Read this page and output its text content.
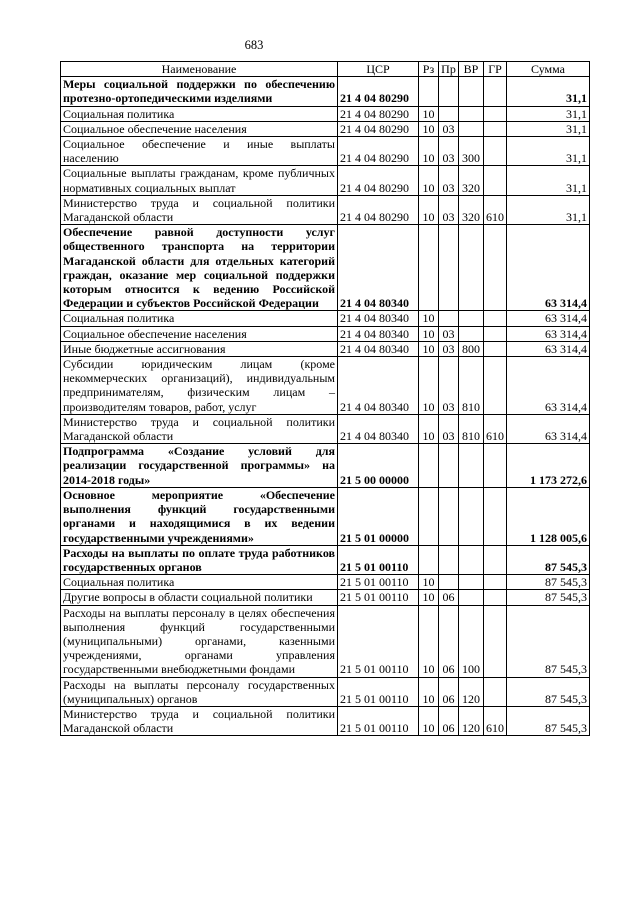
683
Наименование	ЦСР	Рз	Пр	ВР	ГР	Сумма
Меры социальной поддержки по обеспечению протезно-ортопедическими изделиями	21 4 04 80290					31,1
Социальная политика	21 4 04 80290	10				31,1
Социальное обеспечение населения	21 4 04 80290	10	03			31,1
Социальное обеспечение и иные выплаты населению	21 4 04 80290	10	03	300		31,1
Социальные выплаты гражданам, кроме публичных нормативных социальных выплат	21 4 04 80290	10	03	320		31,1
Министерство труда и социальной политики Магаданской области	21 4 04 80290	10	03	320	610	31,1
Обеспечение равной доступности услуг общественного транспорта на территории Магаданской области для отдельных категорий граждан, оказание мер социальной поддержки которым относится к ведению Российской Федерации и субъектов Российской Федерации	21 4 04 80340					63 314,4
Социальная политика	21 4 04 80340	10				63 314,4
Социальное обеспечение населения	21 4 04 80340	10	03			63 314,4
Иные бюджетные ассигнования	21 4 04 80340	10	03	800		63 314,4
Субсидии юридическим лицам (кроме некоммерческих организаций), индивидуальным предпринимателям, физическим лицам – производителям товаров, работ, услуг	21 4 04 80340	10	03	810		63 314,4
Министерство труда и социальной политики Магаданской области	21 4 04 80340	10	03	810	610	63 314,4
Подпрограмма «Создание условий для реализации государственной программы» на 2014-2018 годы»	21 5 00 00000					1 173 272,6
Основное мероприятие «Обеспечение выполнения функций государственными органами и находящимися в их ведении государственными учреждениями»	21 5 01 00000					1 128 005,6
Расходы на выплаты по оплате труда работников государственных органов	21 5 01 00110					87 545,3
Социальная политика	21 5 01 00110	10				87 545,3
Другие вопросы в области социальной политики	21 5 01 00110	10	06			87 545,3
Расходы на выплаты персоналу в целях обеспечения выполнения функций государственными (муниципальными) органами, казенными учреждениями, органами управления государственными внебюджетными фондами	21 5 01 00110	10	06	100		87 545,3
Расходы на выплаты персоналу государственных (муниципальных) органов	21 5 01 00110	10	06	120		87 545,3
Министерство труда и социальной политики Магаданской области	21 5 01 00110	10	06	120	610	87 545,3
